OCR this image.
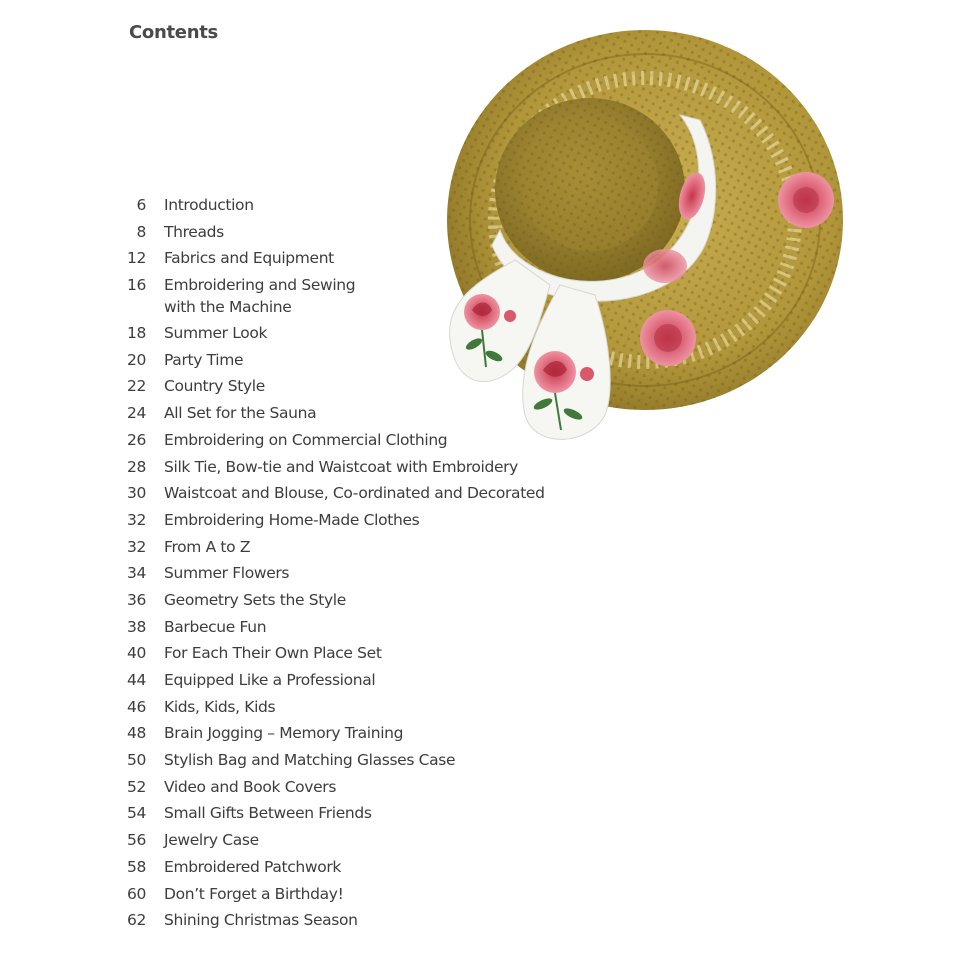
Contents
6 Introduction
8 Threads
12 Fabrics and Equipment
16 Embroidering and Sewing
with the Machine
18 Summer Look
20 Party Time
22 Country Style
24 All Set for the Sauna
26 Embroidering on Commercial Clothing
28 Silk Tie, Bow-tie and Waistcoat with Embroidery
30 Waistcoat and Blouse, Co-ordinated and Decorated
32 Embroidering Home-Made Clothes
32 From A to Z
34 Summer Flowers
36 Geometry Sets the Style
38 Barbecue Fun
40 For Each Their Own Place Set
44 Equipped Like a Professional
46 Kids, Kids, Kids
48 Brain Jogging – Memory Training
50 Stylish Bag and Matching Glasses Case
52 Video and Book Covers
54 Small Gifts Between Friends
56 Jewelry Case
58 Embroidered Patchwork
60 Don’t Forget a Birthday!
62 Shining Christmas Season
